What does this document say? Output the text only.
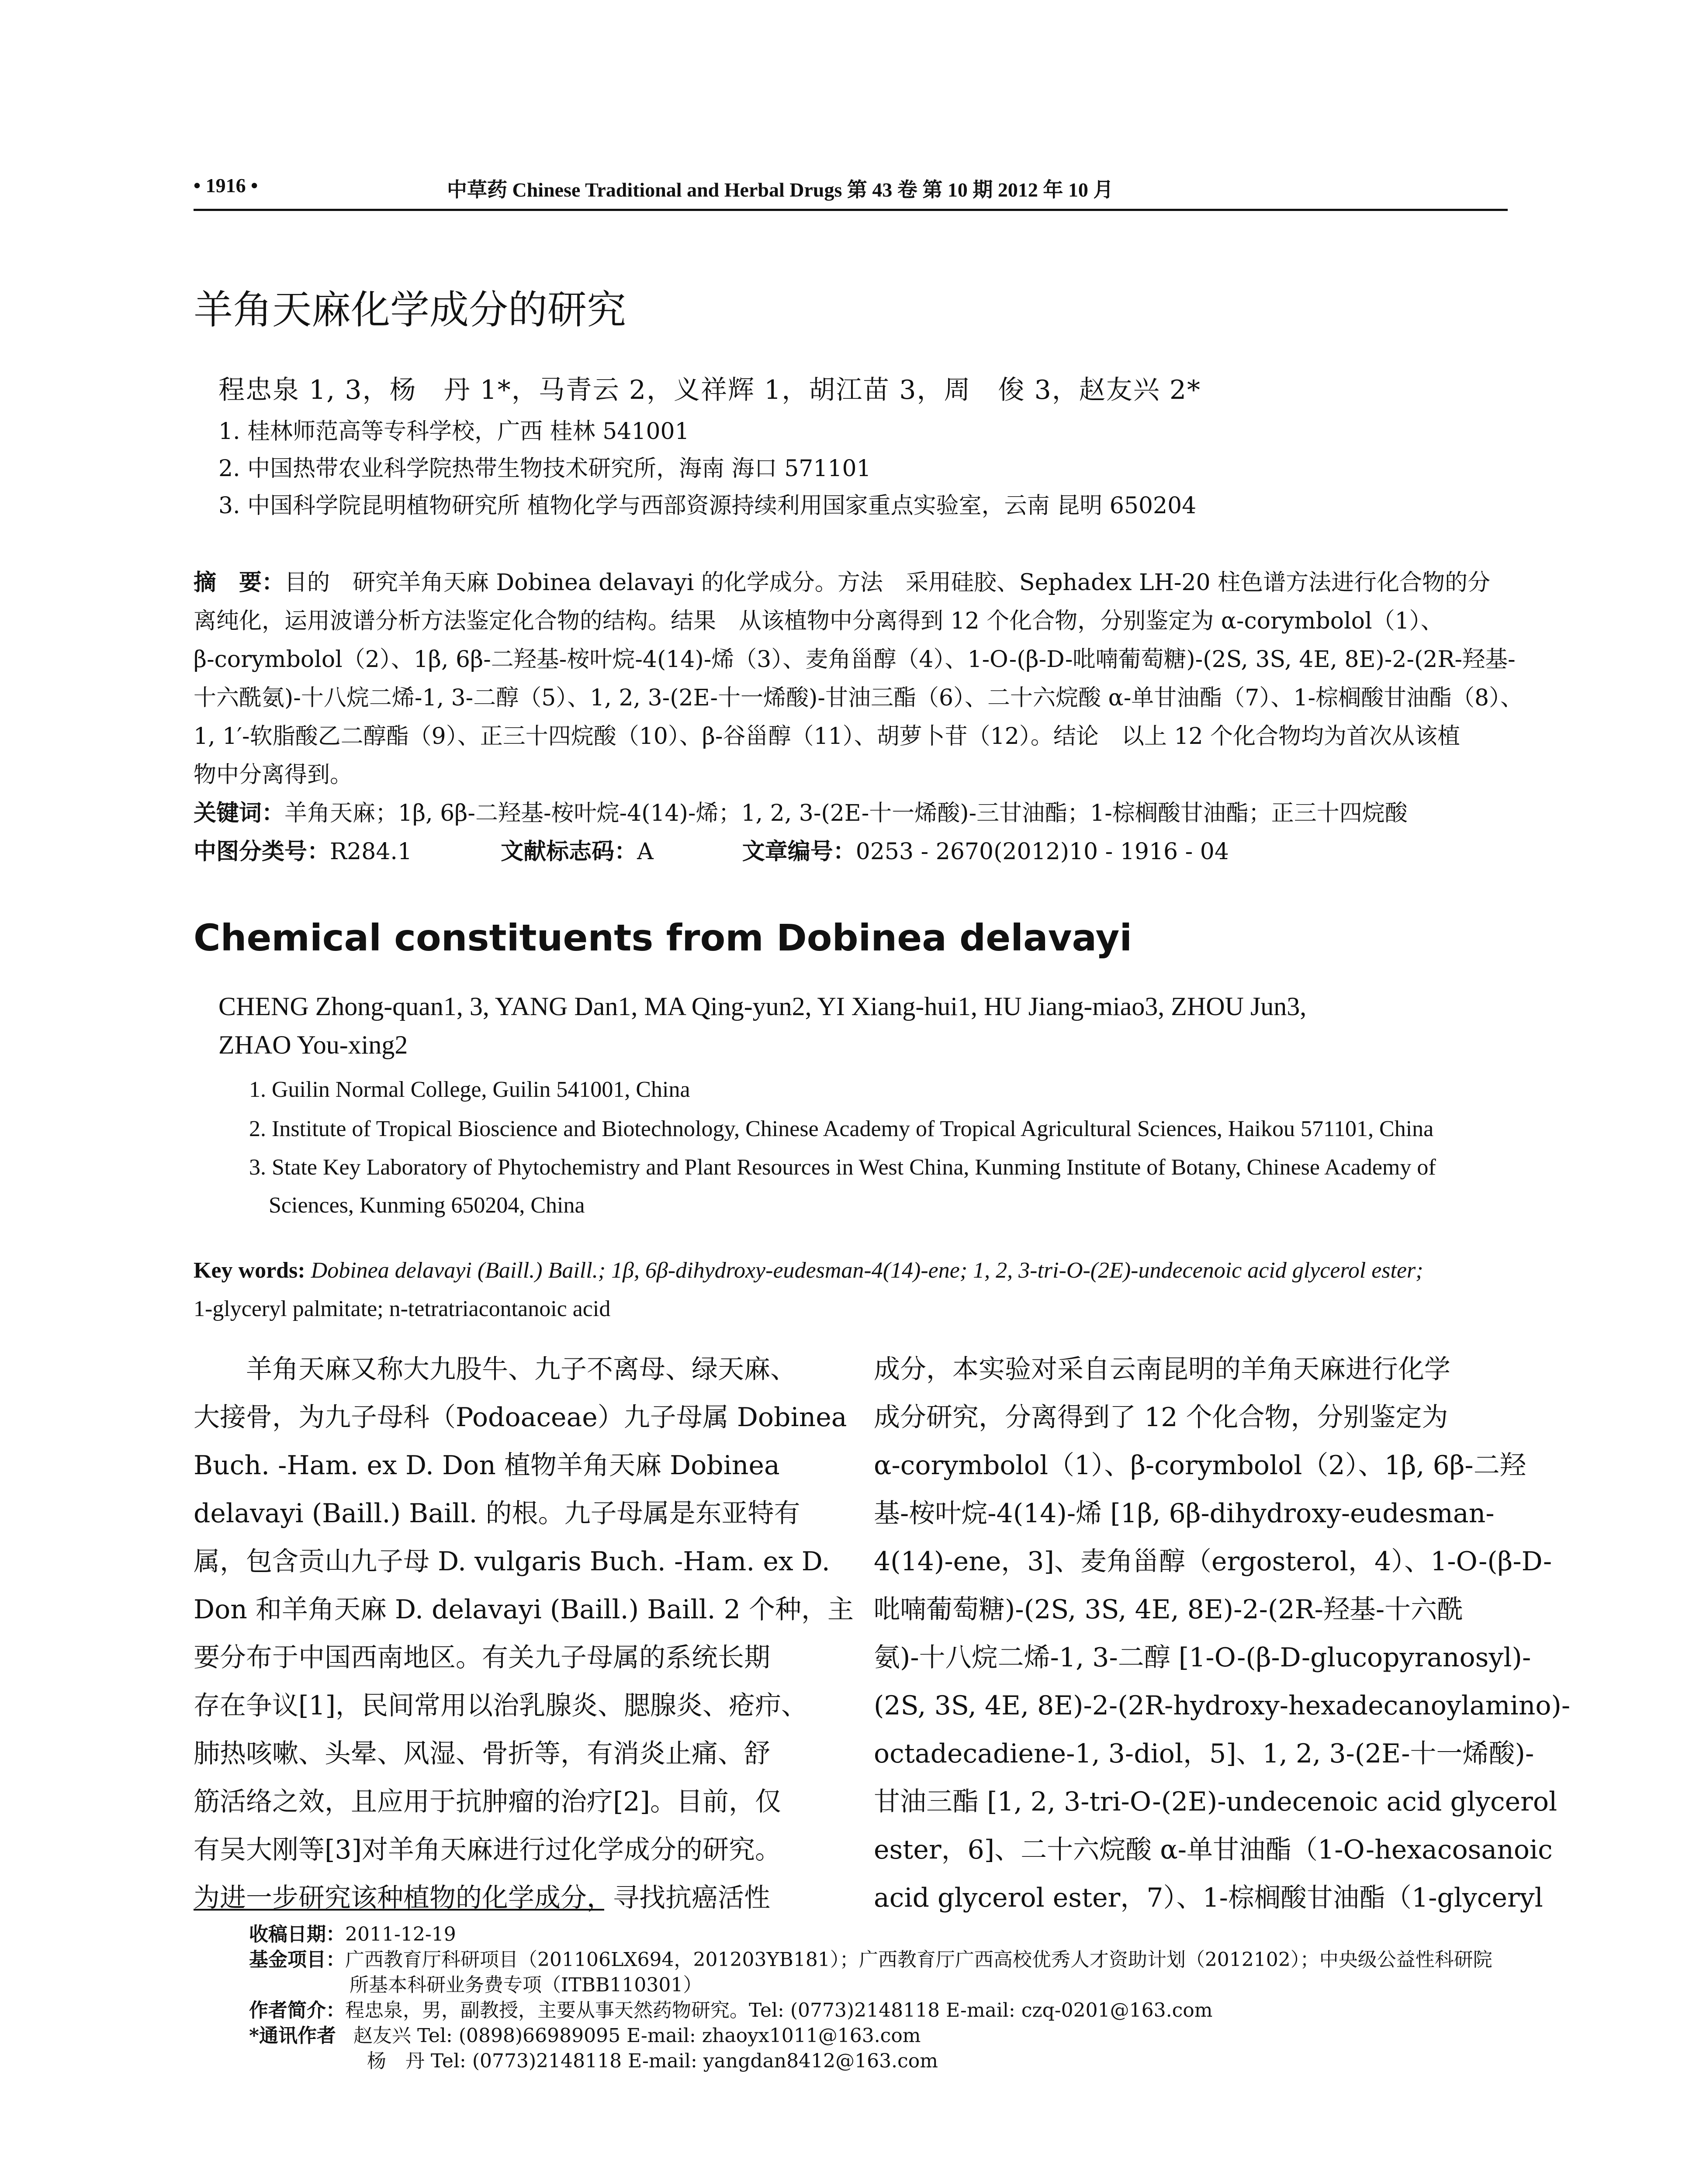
• 1916 •	中草药 Chinese Traditional and Herbal Drugs 第 43 卷 第 10 期 2012 年 10 月
羊角天麻化学成分的研究
程忠泉 1, 3，杨　丹 1*，马青云 2，义祥辉 1，胡江苗 3，周　俊 3，赵友兴 2*
1. 桂林师范高等专科学校，广西 桂林 541001
2. 中国热带农业科学院热带生物技术研究所，海南 海口 571101
3. 中国科学院昆明植物研究所 植物化学与西部资源持续利用国家重点实验室，云南 昆明 650204
摘　要：目的　研究羊角天麻 Dobinea delavayi 的化学成分。方法　采用硅胶、Sephadex LH-20 柱色谱方法进行化合物的分
离纯化，运用波谱分析方法鉴定化合物的结构。结果　从该植物中分离得到 12 个化合物，分别鉴定为 α-corymbolol（1）、
β-corymbolol（2）、1β, 6β-二羟基-桉叶烷-4(14)-烯（3）、麦角甾醇（4）、1-O-(β-D-吡喃葡萄糖)-(2S, 3S, 4E, 8E)-2-(2R-羟基-
十六酰氨)-十八烷二烯-1, 3-二醇（5）、1, 2, 3-(2E-十一烯酸)-甘油三酯（6）、二十六烷酸 α-单甘油酯（7）、1-棕榈酸甘油酯（8）、
1, 1′-软脂酸乙二醇酯（9）、正三十四烷酸（10）、β-谷甾醇（11）、胡萝卜苷（12）。结论　以上 12 个化合物均为首次从该植
物中分离得到。
关键词：羊角天麻；1β, 6β-二羟基-桉叶烷-4(14)-烯；1, 2, 3-(2E-十一烯酸)-三甘油酯；1-棕榈酸甘油酯；正三十四烷酸
中图分类号：R284.1	文献标志码：A	文章编号：0253 - 2670(2012)10 - 1916 - 04
Chemical constituents from Dobinea delavayi
CHENG Zhong-quan1, 3, YANG Dan1, MA Qing-yun2, YI Xiang-hui1, HU Jiang-miao3, ZHOU Jun3,
ZHAO You-xing2
1. Guilin Normal College, Guilin 541001, China
2. Institute of Tropical Bioscience and Biotechnology, Chinese Academy of Tropical Agricultural Sciences, Haikou 571101, China
3. State Key Laboratory of Phytochemistry and Plant Resources in West China, Kunming Institute of Botany, Chinese Academy of
Sciences, Kunming 650204, China
Key words: Dobinea delavayi (Baill.) Baill.; 1β, 6β-dihydroxy-eudesman-4(14)-ene; 1, 2, 3-tri-O-(2E)-undecenoic acid glycerol ester;
1-glyceryl palmitate; n-tetratriacontanoic acid
　　羊角天麻又称大九股牛、九子不离母、绿天麻、
大接骨，为九子母科（Podoaceae）九子母属 Dobinea
Buch. -Ham. ex D. Don 植物羊角天麻 Dobinea
delavayi (Baill.) Baill. 的根。九子母属是东亚特有
属，包含贡山九子母 D. vulgaris Buch. -Ham. ex D.
Don 和羊角天麻 D. delavayi (Baill.) Baill. 2 个种，主
要分布于中国西南地区。有关九子母属的系统长期
存在争议[1]，民间常用以治乳腺炎、腮腺炎、疮疖、
肺热咳嗽、头晕、风湿、骨折等，有消炎止痛、舒
筋活络之效，且应用于抗肿瘤的治疗[2]。目前，仅
有吴大刚等[3]对羊角天麻进行过化学成分的研究。
为进一步研究该种植物的化学成分，寻找抗癌活性
成分，本实验对采自云南昆明的羊角天麻进行化学
成分研究，分离得到了 12 个化合物，分别鉴定为
α-corymbolol（1）、β-corymbolol（2）、1β, 6β-二羟
基-桉叶烷-4(14)-烯 [1β, 6β-dihydroxy-eudesman-
4(14)-ene，3]、麦角甾醇（ergosterol，4）、1-O-(β-D-
吡喃葡萄糖)-(2S, 3S, 4E, 8E)-2-(2R-羟基-十六酰
氨)-十八烷二烯-1, 3-二醇 [1-O-(β-D-glucopyranosyl)-
(2S, 3S, 4E, 8E)-2-(2R-hydroxy-hexadecanoylamino)-
octadecadiene-1, 3-diol，5]、1, 2, 3-(2E-十一烯酸)-
甘油三酯 [1, 2, 3-tri-O-(2E)-undecenoic acid glycerol
ester，6]、二十六烷酸 α-单甘油酯（1-O-hexacosanoic
acid glycerol ester，7）、1-棕榈酸甘油酯（1-glyceryl
收稿日期：2011-12-19
基金项目：广西教育厅科研项目（201106LX694，201203YB181）；广西教育厅广西高校优秀人才资助计划（2012102）；中央级公益性科研院
所基本科研业务费专项（ITBB110301）
作者简介：程忠泉，男，副教授，主要从事天然药物研究。Tel: (0773)2148118 E-mail: czq-0201@163.com
*通讯作者 赵友兴 Tel: (0898)66989095 E-mail: zhaoyx1011@163.com
杨　丹 Tel: (0773)2148118 E-mail: yangdan8412@163.com
